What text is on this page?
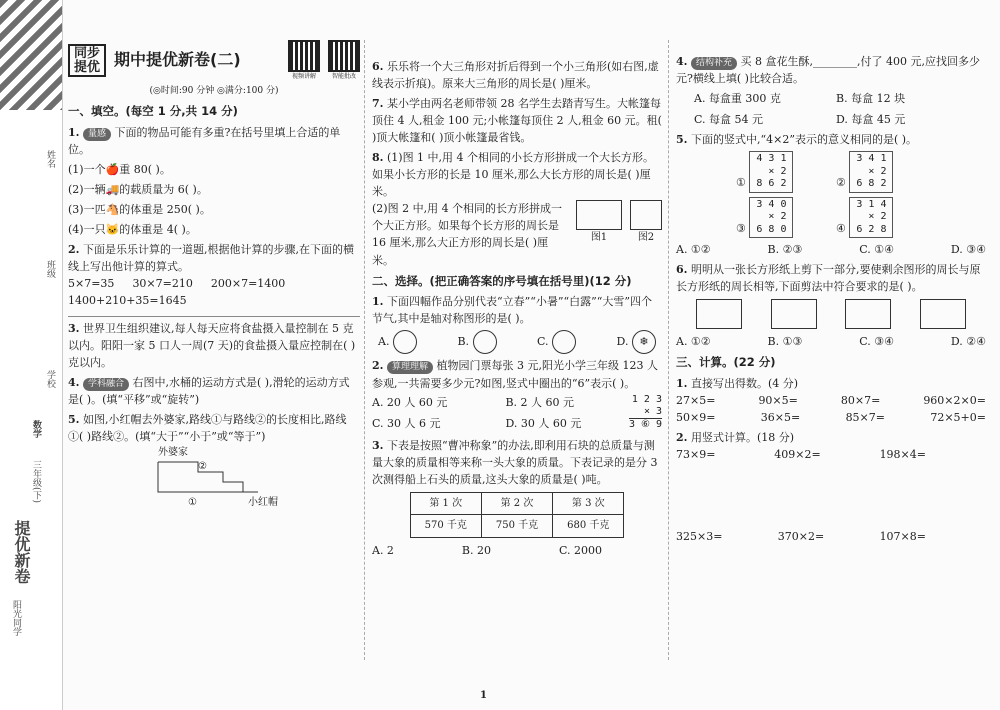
姓名
班级
学校
数学
三年级(下)
提优新卷
阳光同学
同步提优 期中提优新卷(二)
视频讲解	智能批改
(◎时间:90 分钟 ◎满分:100 分)
一、填空。(每空 1 分,共 14 分)
1. 量感 下面的物品可能有多重?在括号里填上合适的单位。
(1)一个🍎重 80( )。
(2)一辆🚚的载质量为 6( )。
(3)一匹🐴的体重是 250( )。
(4)一只🐱的体重是 4( )。
2. 下面是乐乐计算的一道题,根据他计算的步骤,在下面的横线上写出他计算的算式。
5×7=35 30×7=210 200×7=1400
1400+210+35=1645
3. 世界卫生组织建议,每人每天应将食盐摄入量控制在 5 克以内。阳阳一家 5 口人一周(7 天)的食盐摄入量应控制在( )克以内。
4. 学科融合 右图中,水桶的运动方式是( ),滑轮的运动方式是( )。(填“平移”或“旋转”)
5. 如图,小红帽去外婆家,路线①与路线②的长度相比,路线①( )路线②。(填“大于”“小于”或“等于”)
外婆家
②
①	小红帽
6. 乐乐将一个大三角形对折后得到一个小三角形(如右图,虚线表示折痕)。原来大三角形的周长是( )厘米。
7. 某小学由两名老师带领 28 名学生去踏青写生。大帐篷每顶住 4 人,租金 100 元;小帐篷每顶住 2 人,租金 60 元。租( )顶大帐篷和( )顶小帐篷最省钱。
8. (1)图 1 中,用 4 个相同的小长方形拼成一个大长方形。如果小长方形的长是 10 厘米,那么大长方形的周长是( )厘米。
(2)图 2 中,用 4 个相同的长方形拼成一个大正方形。如果每个长方形的周长是 16 厘米,那么大正方形的周长是( )厘米。
图1	图2
二、选择。(把正确答案的序号填在括号里)(12 分)
1. 下面四幅作品分别代表“立春”“小暑”“白露”“大雪”四个节气,其中是轴对称图形的是( )。
A.	B.	C.	D. ❄
2. 算理理解 植物园门票每张 3 元,阳光小学三年级 123 人参观,一共需要多少元?如图,竖式中圈出的“6”表示( )。
A. 20 人 60 元	B. 2 人 60 元
C. 30 人 6 元	D. 30 人 60 元
1 2 3
× 3
3 ⑥ 9
3. 下表是按照“曹冲称象”的办法,即利用石块的总质量与测量大象的质量相等来称一头大象的质量。下表记录的是分 3 次测得船上石头的质量,这头大象的质量是( )吨。
第 1 次	第 2 次	第 3 次
570 千克	750 千克	680 千克
A. 2	B. 20	C. 2000
4. 结构补充 买 8 盒花生酥,________,付了 400 元,应找回多少元?横线上填( )比较合适。
A. 每盒重 300 克	B. 每盒 12 块
C. 每盒 54 元	D. 每盒 45 元
5. 下面的竖式中,“4×2”表示的意义相同的是( )。
① 4 3 1
× 2
8 6 2	② 3 4 1
× 2
6 8 2
③ 3 4 0
× 2
6 8 0	④ 3 1 4
× 2
6 2 8
A. ①②	B. ②③	C. ①④	D. ③④
6. 明明从一张长方形纸上剪下一部分,要使剩余图形的周长与原长方形纸的周长相等,下面剪法中符合要求的是( )。
A. ①②	B. ①③	C. ③④	D. ②④
三、计算。(22 分)
1. 直接写出得数。(4 分)
27×5=	90×5=	80×7=	960×2×0=
50×9=	36×5=	85×7=	72×5+0=
2. 用竖式计算。(18 分)
73×9=	409×2=	198×4=
325×3=	370×2=	107×8=
1
